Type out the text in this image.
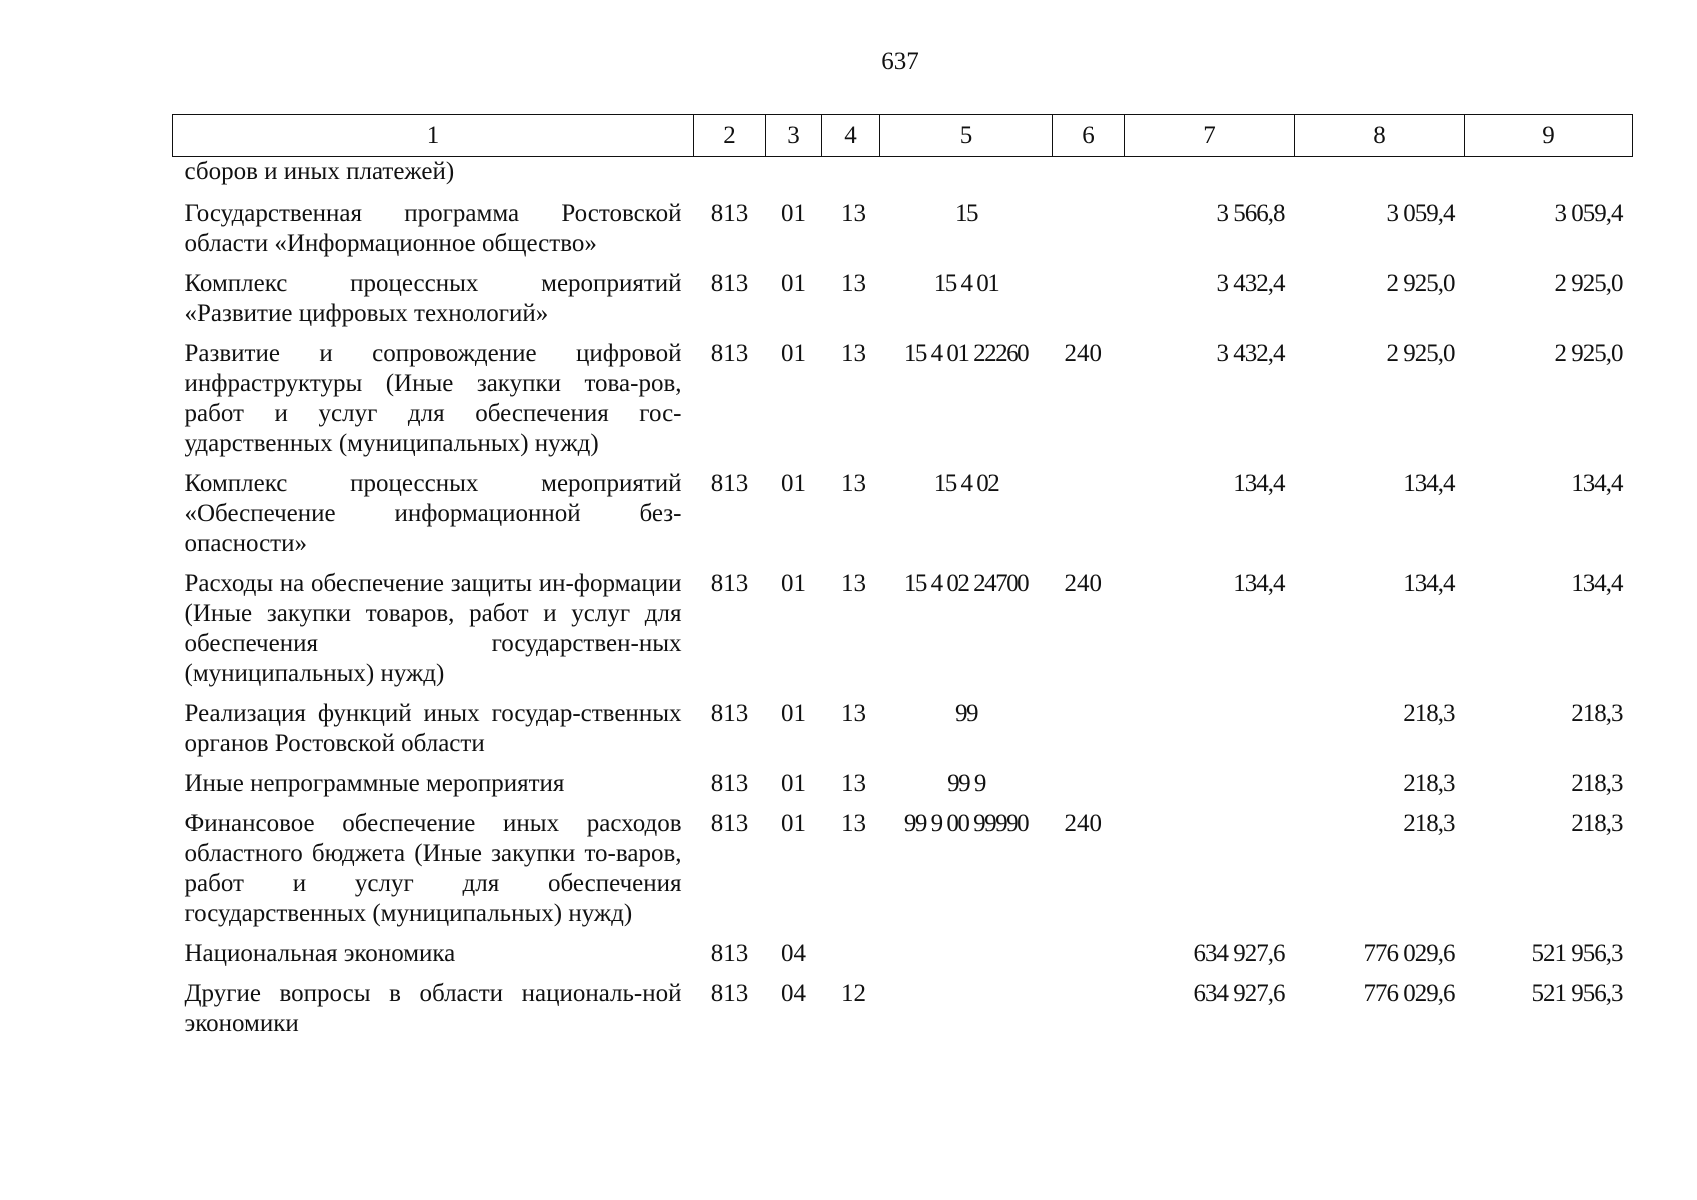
637
1	2	3	4	5	6	7	8	9
сборов и иных платежей)								
Государственная программа Ростовской области «Информационное общество»	813	01	13	15		3 566,8	3 059,4	3 059,4
Комплекс процессных мероприятий «Развитие цифровых технологий»	813	01	13	15 4 01		3 432,4	2 925,0	2 925,0
Развитие и сопровождение цифровой инфраструктуры (Иные закупки това-ров, работ и услуг для обеспечения гос-ударственных (муниципальных) нужд)	813	01	13	15 4 01 22260	240	3 432,4	2 925,0	2 925,0
Комплекс процессных мероприятий «Обеспечение информационной без-опасности»	813	01	13	15 4 02		134,4	134,4	134,4
Расходы на обеспечение защиты ин-формации (Иные закупки товаров, работ и услуг для обеспечения государствен-ных (муниципальных) нужд)	813	01	13	15 4 02 24700	240	134,4	134,4	134,4
Реализация функций иных государ-ственных органов Ростовской области	813	01	13	99			218,3	218,3
Иные непрограммные мероприятия	813	01	13	99 9			218,3	218,3
Финансовое обеспечение иных расходов областного бюджета (Иные закупки то-варов, работ и услуг для обеспечения государственных (муниципальных) нужд)	813	01	13	99 9 00 99990	240		218,3	218,3
Национальная экономика	813	04				634 927,6	776 029,6	521 956,3
Другие вопросы в области националь-ной экономики	813	04	12			634 927,6	776 029,6	521 956,3
